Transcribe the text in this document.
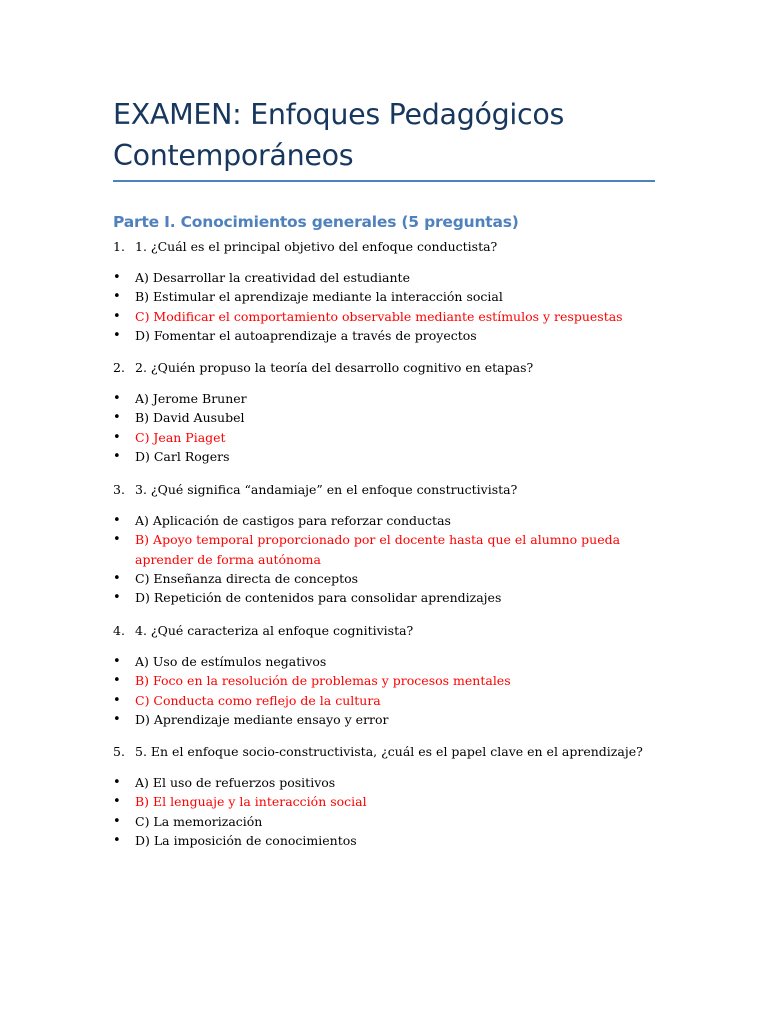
EXAMEN: Enfoques Pedagógicos Contemporáneos
Parte I. Conocimientos generales (5 preguntas)
1. 1. ¿Cuál es el principal objetivo del enfoque conductista?
• A) Desarrollar la creatividad del estudiante
• B) Estimular el aprendizaje mediante la interacción social
• C) Modificar el comportamiento observable mediante estímulos y respuestas
• D) Fomentar el autoaprendizaje a través de proyectos
2. 2. ¿Quién propuso la teoría del desarrollo cognitivo en etapas?
• A) Jerome Bruner
• B) David Ausubel
• C) Jean Piaget
• D) Carl Rogers
3. 3. ¿Qué significa “andamiaje” en el enfoque constructivista?
• A) Aplicación de castigos para reforzar conductas
• B) Apoyo temporal proporcionado por el docente hasta que el alumno pueda aprender de forma autónoma
• C) Enseñanza directa de conceptos
• D) Repetición de contenidos para consolidar aprendizajes
4. 4. ¿Qué caracteriza al enfoque cognitivista?
• A) Uso de estímulos negativos
• B) Foco en la resolución de problemas y procesos mentales
• C) Conducta como reflejo de la cultura
• D) Aprendizaje mediante ensayo y error
5. 5. En el enfoque socio-constructivista, ¿cuál es el papel clave en el aprendizaje?
• A) El uso de refuerzos positivos
• B) El lenguaje y la interacción social
• C) La memorización
• D) La imposición de conocimientos
